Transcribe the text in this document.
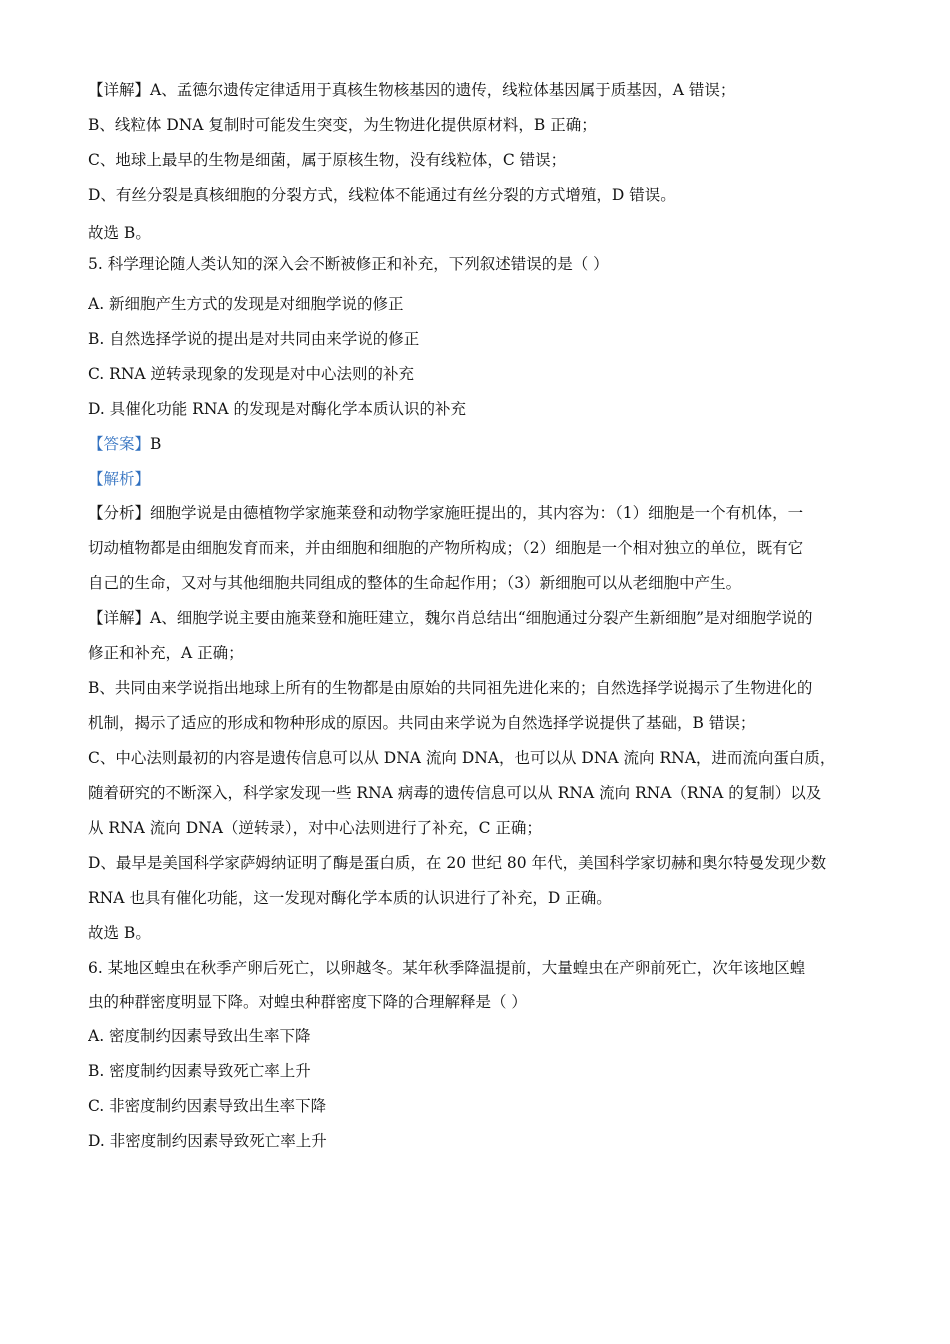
【详解】A、孟德尔遗传定律适用于真核生物核基因的遗传，线粒体基因属于质基因，A 错误；
B、线粒体 DNA 复制时可能发生突变，为生物进化提供原材料，B 正确；
C、地球上最早的生物是细菌，属于原核生物，没有线粒体，C 错误；
D、有丝分裂是真核细胞的分裂方式，线粒体不能通过有丝分裂的方式增殖，D 错误。
故选 B。
5. 科学理论随人类认知的深入会不断被修正和补充，下列叙述错误的是（ ）
A. 新细胞产生方式的发现是对细胞学说的修正
B. 自然选择学说的提出是对共同由来学说的修正
C. RNA 逆转录现象的发现是对中心法则的补充
D. 具催化功能 RNA 的发现是对酶化学本质认识的补充
【答案】B
【解析】
【分析】细胞学说是由德植物学家施莱登和动物学家施旺提出的，其内容为：（1）细胞是一个有机体，一
切动植物都是由细胞发育而来，并由细胞和细胞的产物所构成；（2）细胞是一个相对独立的单位，既有它
自己的生命，又对与其他细胞共同组成的整体的生命起作用；（3）新细胞可以从老细胞中产生。
【详解】A、细胞学说主要由施莱登和施旺建立，魏尔肖总结出“细胞通过分裂产生新细胞”是对细胞学说的
修正和补充，A 正确；
B、共同由来学说指出地球上所有的生物都是由原始的共同祖先进化来的；自然选择学说揭示了生物进化的
机制，揭示了适应的形成和物种形成的原因。共同由来学说为自然选择学说提供了基础，B 错误；
C、中心法则最初的内容是遗传信息可以从 DNA 流向 DNA，也可以从 DNA 流向 RNA，进而流向蛋白质，
随着研究的不断深入，科学家发现一些 RNA 病毒的遗传信息可以从 RNA 流向 RNA（RNA 的复制）以及
从 RNA 流向 DNA（逆转录），对中心法则进行了补充，C 正确；
D、最早是美国科学家萨姆纳证明了酶是蛋白质，在 20 世纪 80 年代，美国科学家切赫和奥尔特曼发现少数
RNA 也具有催化功能，这一发现对酶化学本质的认识进行了补充，D 正确。
故选 B。
6. 某地区蝗虫在秋季产卵后死亡，以卵越冬。某年秋季降温提前，大量蝗虫在产卵前死亡，次年该地区蝗
虫的种群密度明显下降。对蝗虫种群密度下降的合理解释是（ ）
A. 密度制约因素导致出生率下降
B. 密度制约因素导致死亡率上升
C. 非密度制约因素导致出生率下降
D. 非密度制约因素导致死亡率上升
